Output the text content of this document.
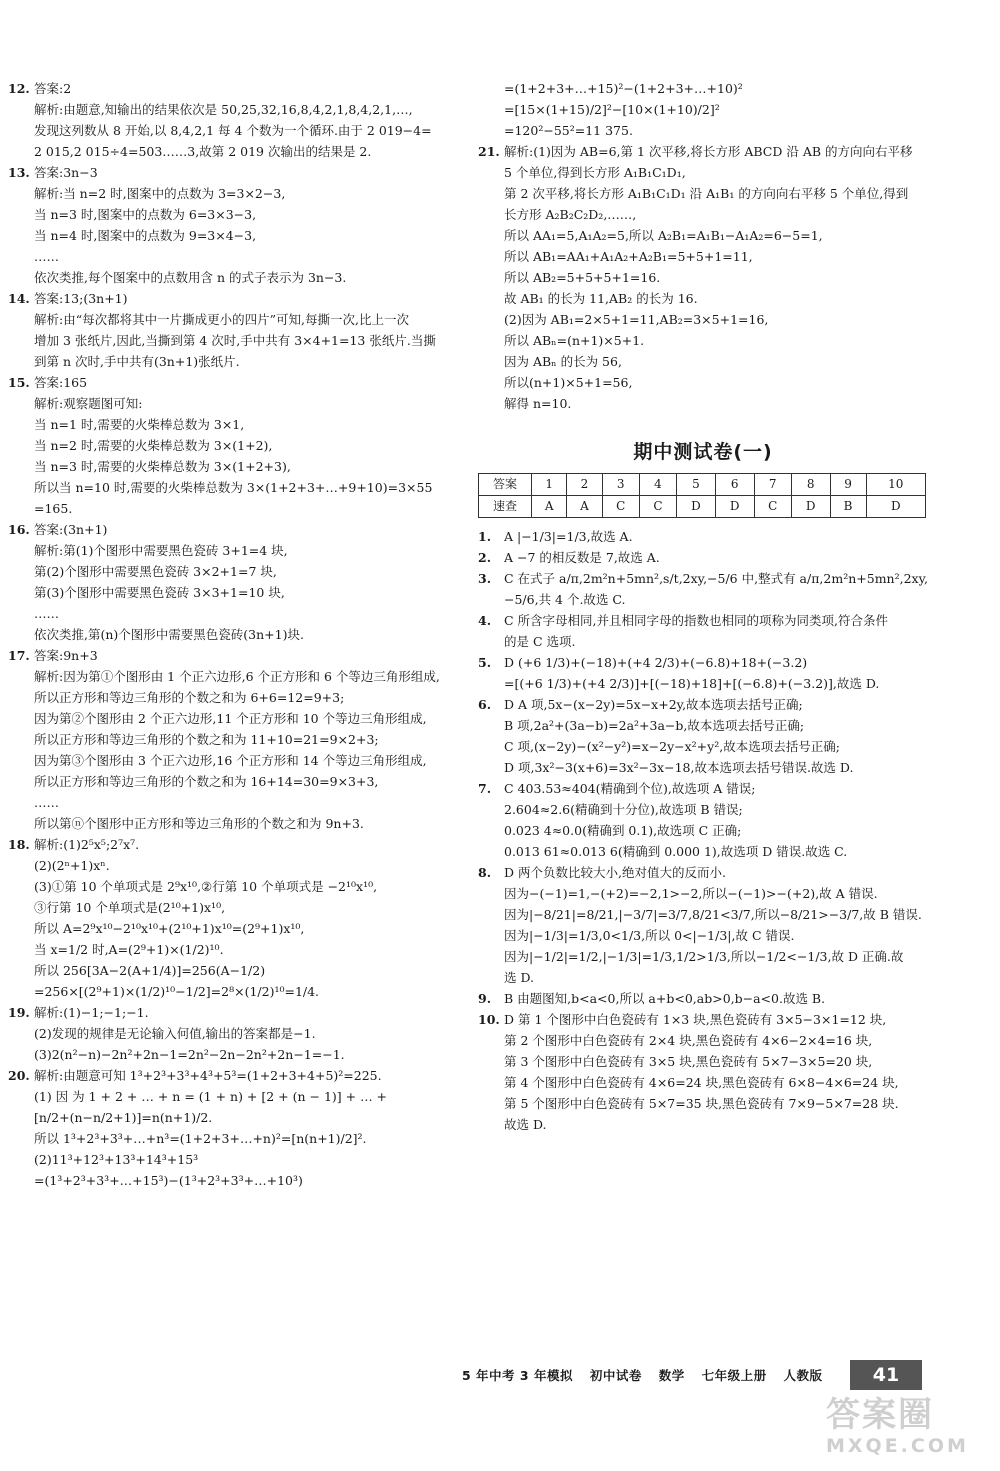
12. 答案:2
解析:由题意,知输出的结果依次是 50,25,32,16,8,4,2,1,8,4,2,1,…,
发现这列数从 8 开始,以 8,4,2,1 每 4 个数为一个循环.由于 2 019−4=
2 015,2 015÷4=503……3,故第 2 019 次输出的结果是 2.
13. 答案:3n−3
解析:当 n=2 时,图案中的点数为 3=3×2−3,
当 n=3 时,图案中的点数为 6=3×3−3,
当 n=4 时,图案中的点数为 9=3×4−3,
……
依次类推,每个图案中的点数用含 n 的式子表示为 3n−3.
14. 答案:13;(3n+1)
解析:由“每次都将其中一片撕成更小的四片”可知,每撕一次,比上一次
增加 3 张纸片,因此,当撕到第 4 次时,手中共有 3×4+1=13 张纸片.当撕
到第 n 次时,手中共有(3n+1)张纸片.
15. 答案:165
解析:观察题图可知:
当 n=1 时,需要的火柴棒总数为 3×1,
当 n=2 时,需要的火柴棒总数为 3×(1+2),
当 n=3 时,需要的火柴棒总数为 3×(1+2+3),
所以当 n=10 时,需要的火柴棒总数为 3×(1+2+3+…+9+10)=3×55
=165.
16. 答案:(3n+1)
解析:第(1)个图形中需要黑色瓷砖 3+1=4 块,
第(2)个图形中需要黑色瓷砖 3×2+1=7 块,
第(3)个图形中需要黑色瓷砖 3×3+1=10 块,
……
依次类推,第(n)个图形中需要黑色瓷砖(3n+1)块.
17. 答案:9n+3
解析:因为第①个图形由 1 个正六边形,6 个正方形和 6 个等边三角形组成,
所以正方形和等边三角形的个数之和为 6+6=12=9+3;
因为第②个图形由 2 个正六边形,11 个正方形和 10 个等边三角形组成,
所以正方形和等边三角形的个数之和为 11+10=21=9×2+3;
因为第③个图形由 3 个正六边形,16 个正方形和 14 个等边三角形组成,
所以正方形和等边三角形的个数之和为 16+14=30=9×3+3,
……
所以第ⓝ个图形中正方形和等边三角形的个数之和为 9n+3.
18. 解析:(1)2⁵x⁵;2⁷x⁷.
(2)(2ⁿ+1)xⁿ.
(3)①第 10 个单项式是 2⁹x¹⁰,②行第 10 个单项式是 −2¹⁰x¹⁰,
③行第 10 个单项式是(2¹⁰+1)x¹⁰,
所以 A=2⁹x¹⁰−2¹⁰x¹⁰+(2¹⁰+1)x¹⁰=(2⁹+1)x¹⁰,
当 x=1/2 时,A=(2⁹+1)×(1/2)¹⁰.
所以 256[3A−2(A+1/4)]=256(A−1/2)
=256×[(2⁹+1)×(1/2)¹⁰−1/2]=2⁸×(1/2)¹⁰=1/4.
19. 解析:(1)−1;−1;−1.
(2)发现的规律是无论输入何值,输出的答案都是−1.
(3)2(n²−n)−2n²+2n−1=2n²−2n−2n²+2n−1=−1.
20. 解析:由题意可知 1³+2³+3³+4³+5³=(1+2+3+4+5)²=225.
(1) 因 为 1 + 2 + … + n = (1 + n) + [2 + (n − 1)] + … +
[n/2+(n−n/2+1)]=n(n+1)/2.
所以 1³+2³+3³+…+n³=(1+2+3+…+n)²=[n(n+1)/2]².
(2)11³+12³+13³+14³+15³
=(1³+2³+3³+…+15³)−(1³+2³+3³+…+10³)
=(1+2+3+…+15)²−(1+2+3+…+10)²
=[15×(1+15)/2]²−[10×(1+10)/2]²
=120²−55²=11 375.
21. 解析:(1)因为 AB=6,第 1 次平移,将长方形 ABCD 沿 AB 的方向向右平移
5 个单位,得到长方形 A₁B₁C₁D₁,
第 2 次平移,将长方形 A₁B₁C₁D₁ 沿 A₁B₁ 的方向向右平移 5 个单位,得到
长方形 A₂B₂C₂D₂,……,
所以 AA₁=5,A₁A₂=5,所以 A₂B₁=A₁B₁−A₁A₂=6−5=1,
所以 AB₁=AA₁+A₁A₂+A₂B₁=5+5+1=11,
所以 AB₂=5+5+5+1=16.
故 AB₁ 的长为 11,AB₂ 的长为 16.
(2)因为 AB₁=2×5+1=11,AB₂=3×5+1=16,
所以 ABₙ=(n+1)×5+1.
因为 ABₙ 的长为 56,
所以(n+1)×5+1=56,
解得 n=10.
期中测试卷(一)
答案	1	2	3	4	5	6	7	8	9	10
速查	A	A	C	C	D	D	C	D	B	D
1. A |−1/3|=1/3,故选 A.
2. A −7 的相反数是 7,故选 A.
3. C 在式子 a/π,2m²n+5mn²,s/t,2xy,−5/6 中,整式有 a/π,2m²n+5mn²,2xy,
−5/6,共 4 个.故选 C.
4. C 所含字母相同,并且相同字母的指数也相同的项称为同类项,符合条件
的是 C 选项.
5. D (+6 1/3)+(−18)+(+4 2/3)+(−6.8)+18+(−3.2)
=[(+6 1/3)+(+4 2/3)]+[(−18)+18]+[(−6.8)+(−3.2)],故选 D.
6. D A 项,5x−(x−2y)=5x−x+2y,故本选项去括号正确;
B 项,2a²+(3a−b)=2a²+3a−b,故本选项去括号正确;
C 项,(x−2y)−(x²−y²)=x−2y−x²+y²,故本选项去括号正确;
D 项,3x²−3(x+6)=3x²−3x−18,故本选项去括号错误.故选 D.
7. C 403.53≈404(精确到个位),故选项 A 错误;
2.604≈2.6(精确到十分位),故选项 B 错误;
0.023 4≈0.0(精确到 0.1),故选项 C 正确;
0.013 61≈0.013 6(精确到 0.000 1),故选项 D 错误.故选 C.
8. D 两个负数比较大小,绝对值大的反而小.
因为−(−1)=1,−(+2)=−2,1>−2,所以−(−1)>−(+2),故 A 错误.
因为|−8/21|=8/21,|−3/7|=3/7,8/21<3/7,所以−8/21>−3/7,故 B 错误.
因为|−1/3|=1/3,0<1/3,所以 0<|−1/3|,故 C 错误.
因为|−1/2|=1/2,|−1/3|=1/3,1/2>1/3,所以−1/2<−1/3,故 D 正确.故
选 D.
9. B 由题图知,b<a<0,所以 a+b<0,ab>0,b−a<0.故选 B.
10. D 第 1 个图形中白色瓷砖有 1×3 块,黑色瓷砖有 3×5−3×1=12 块,
第 2 个图形中白色瓷砖有 2×4 块,黑色瓷砖有 4×6−2×4=16 块,
第 3 个图形中白色瓷砖有 3×5 块,黑色瓷砖有 5×7−3×5=20 块,
第 4 个图形中白色瓷砖有 4×6=24 块,黑色瓷砖有 6×8−4×6=24 块,
第 5 个图形中白色瓷砖有 5×7=35 块,黑色瓷砖有 7×9−5×7=28 块.
故选 D.
5 年中考 3 年模拟 初中试卷 数学 七年级上册 人教版	41
答案圈
MXQE.COM
